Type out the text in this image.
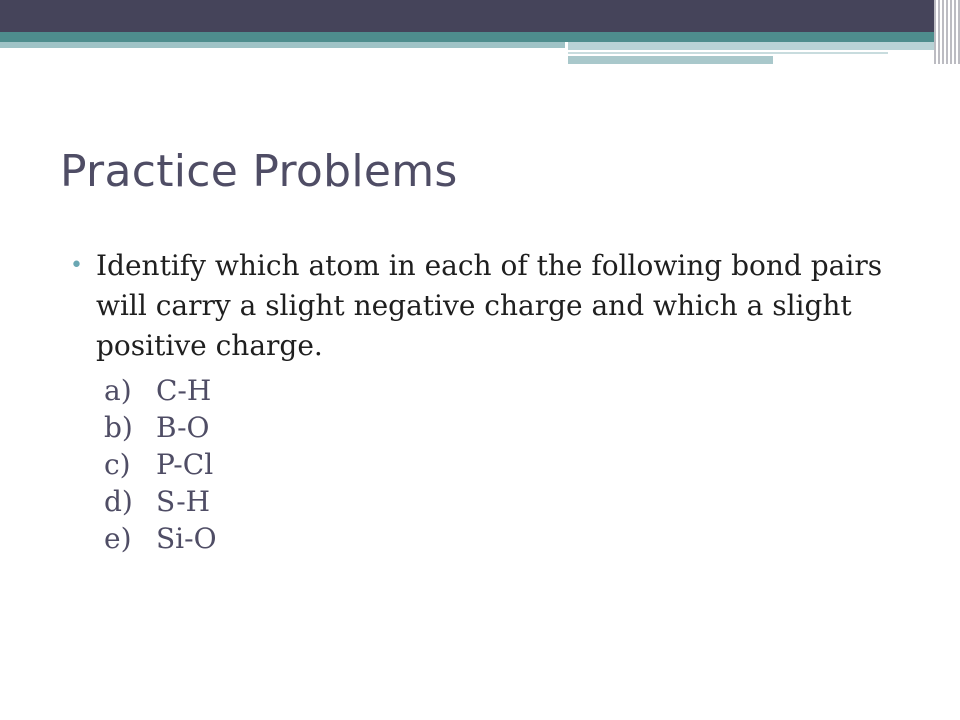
Practice Problems
• Identify which atom in each of the following bond pairs will carry a slight negative charge and which a slight positive charge.
a) C-H
b) B-O
c) P-Cl
d) S-H
e) Si-O
